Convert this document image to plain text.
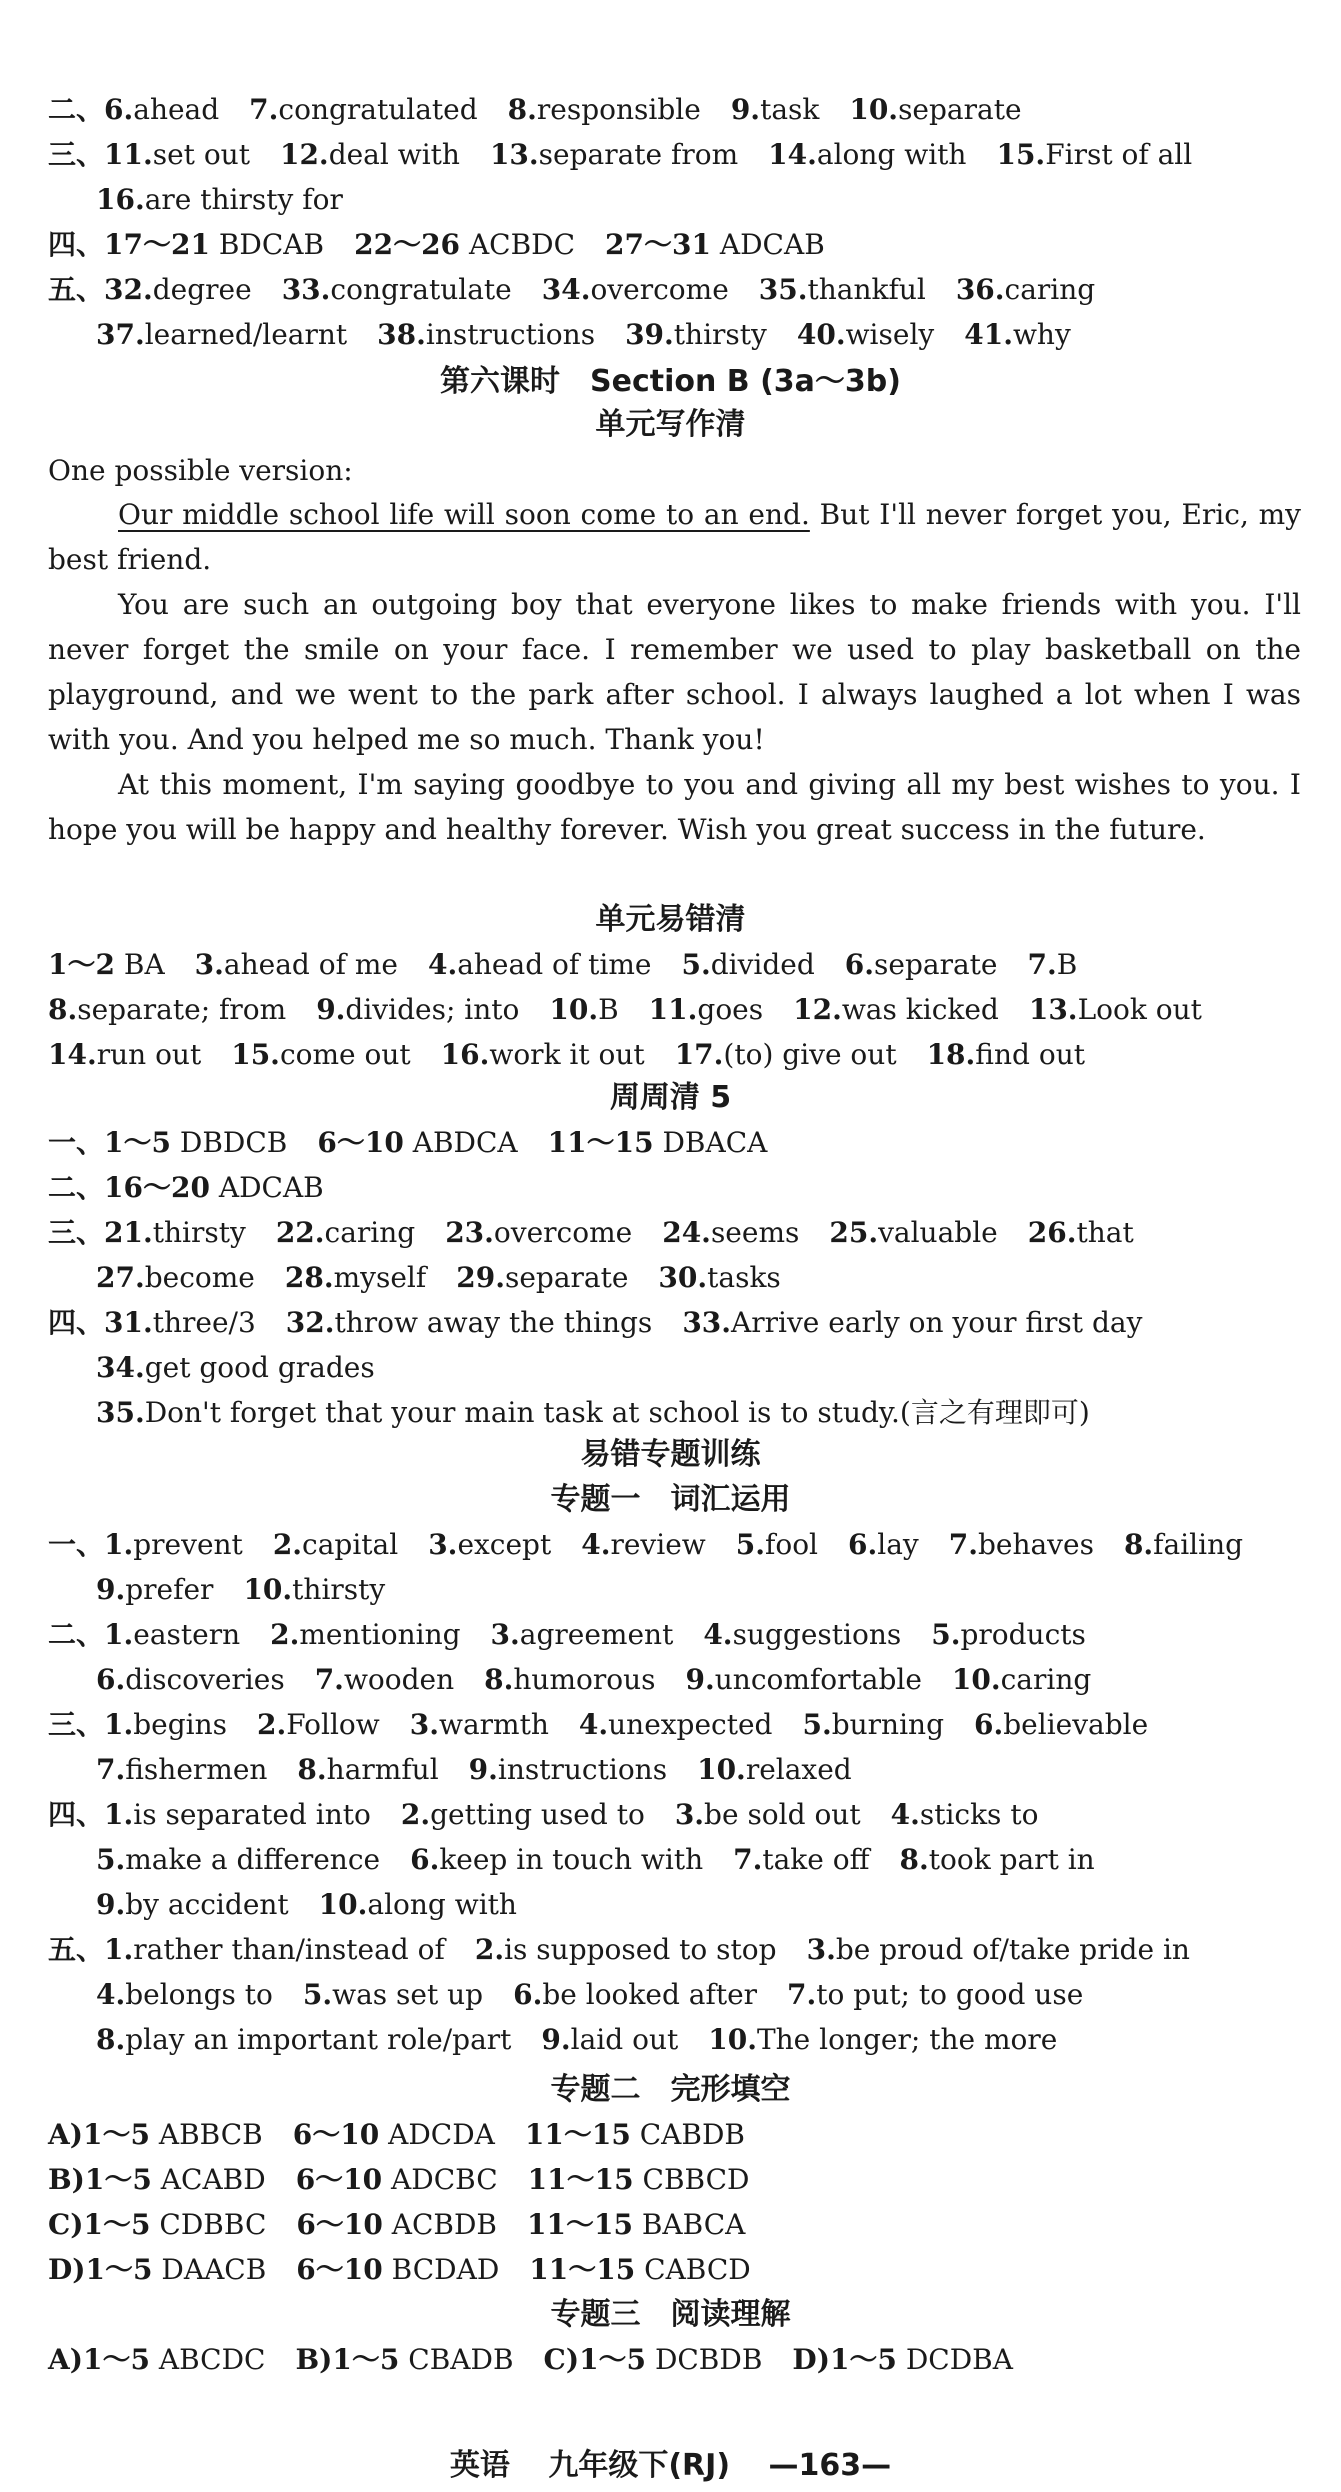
二、6.ahead 7.congratulated 8.responsible 9.task 10.separate
三、11.set out 12.deal with 13.separate from 14.along with 15.First of all
16.are thirsty for
四、17～21 BDCAB 22～26 ACBDC 27～31 ADCAB
五、32.degree 33.congratulate 34.overcome 35.thankful 36.caring
37.learned/learnt 38.instructions 39.thirsty 40.wisely 41.why
第六课时　Section B (3a～3b)
单元写作清
One possible version:
Our middle school life will soon come to an end. But I'll never forget you, Eric, my best friend.
You are such an outgoing boy that everyone likes to make friends with you. I'll never forget the smile on your face. I remember we used to play basketball on the playground, and we went to the park after school. I always laughed a lot when I was with you. And you helped me so much. Thank you!
At this moment, I'm saying goodbye to you and giving all my best wishes to you. I hope you will be happy and healthy forever. Wish you great success in the future.
单元易错清
1～2 BA 3.ahead of me 4.ahead of time 5.divided 6.separate 7.B
8.separate; from 9.divides; into 10.B 11.goes 12.was kicked 13.Look out
14.run out 15.come out 16.work it out 17.(to) give out 18.find out
周周清 5
一、1～5 DBDCB 6～10 ABDCA 11～15 DBACA
二、16～20 ADCAB
三、21.thirsty 22.caring 23.overcome 24.seems 25.valuable 26.that
27.become 28.myself 29.separate 30.tasks
四、31.three/3 32.throw away the things 33.Arrive early on your first day
34.get good grades
35.Don't forget that your main task at school is to study.(言之有理即可)
易错专题训练
专题一　词汇运用
一、1.prevent 2.capital 3.except 4.review 5.fool 6.lay 7.behaves 8.failing
9.prefer 10.thirsty
二、1.eastern 2.mentioning 3.agreement 4.suggestions 5.products
6.discoveries 7.wooden 8.humorous 9.uncomfortable 10.caring
三、1.begins 2.Follow 3.warmth 4.unexpected 5.burning 6.believable
7.fishermen 8.harmful 9.instructions 10.relaxed
四、1.is separated into 2.getting used to 3.be sold out 4.sticks to
5.make a difference 6.keep in touch with 7.take off 8.took part in
9.by accident 10.along with
五、1.rather than/instead of 2.is supposed to stop 3.be proud of/take pride in
4.belongs to 5.was set up 6.be looked after 7.to put; to good use
8.play an important role/part 9.laid out 10.The longer; the more
专题二　完形填空
A)1～5 ABBCB 6～10 ADCDA 11～15 CABDB
B)1～5 ACABD 6～10 ADCBC 11～15 CBBCD
C)1～5 CDBBC 6～10 ACBDB 11～15 BABCA
D)1～5 DAACB 6～10 BCDAD 11～15 CABCD
专题三　阅读理解
A)1～5 ABCDC B)1～5 CBADB C)1～5 DCBDB D)1～5 DCDBA
英语 九年级下(RJ) —163—
